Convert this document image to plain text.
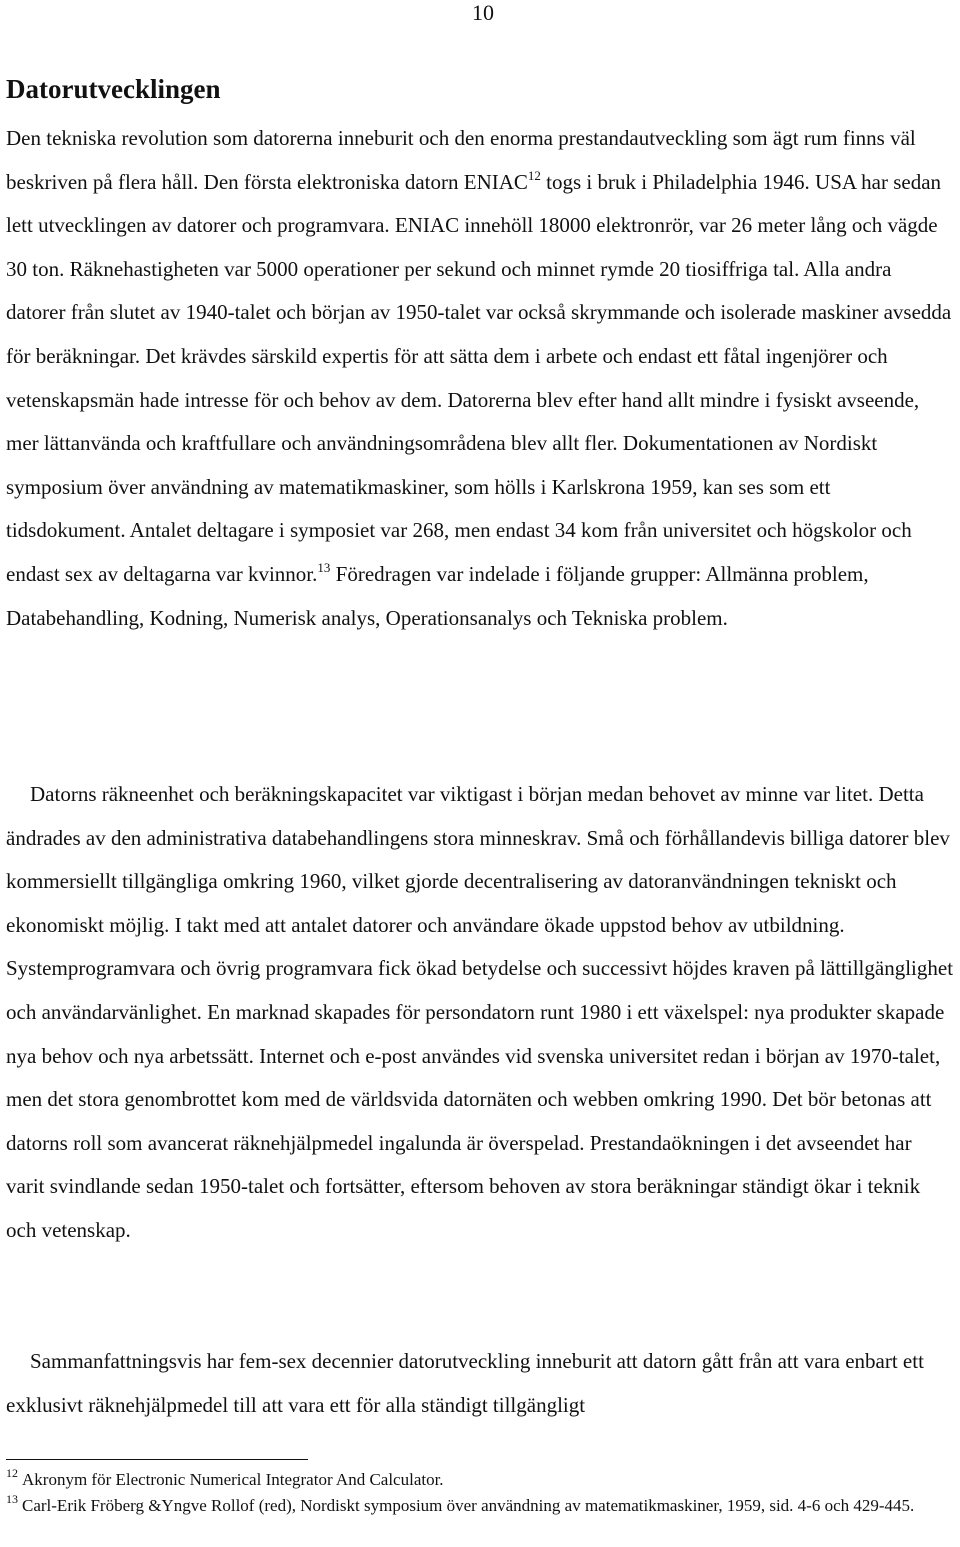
10
Datorutvecklingen

Den tekniska revolution som datorerna inneburit och den enorma prestandautveckling som ägt rum finns väl beskriven på flera håll. Den första elektroniska datorn ENIAC$^{12}$ togs i bruk i Philadelphia 1946. USA har sedan lett utvecklingen av datorer och programvara. ENIAC innehöll 18000 elektronrör, var 26 meter lång och vägde 30 ton. Räknehastigheten var 5000 operationer per sekund och minnet rymde 20 tiosiffriga tal. Alla andra datorer från slutet av 1940-talet och början av 1950-talet var också skrymmande och isolerade maskiner avsedda för beräkningar. Det krävdes särskild expertis för att sätta dem i arbete och endast ett fåtal ingenjörer och vetenskapsmän hade intresse för och behov av dem. Datorerna blev efter hand allt mindre i fysiskt avseende, mer lättanvända och kraftfullare och användningsområdena blev allt fler. Dokumentationen av Nordiskt symposium över användning av matematikmaskiner, som hölls i Karlskrona 1959, kan ses som ett tidsdokument. Antalet deltagare i symposiet var 268, men endast 34 kom från universitet och högskolor och endast sex av deltagarna var kvinnor.$^{13}$ Föredragen var indelade i följande grupper: Allmänna problem, Databehandling, Kodning, Numerisk analys, Operationsanalys och Tekniska problem.

Datorns räkneenhet och beräkningskapacitet var viktigast i början medan behovet av minne var litet. Detta ändrades av den administrativa databehandlingens stora minneskrav. Små och förhållandevis billiga datorer blev kommersiellt tillgängliga omkring 1960, vilket gjorde decentralisering av datoranvändningen tekniskt och ekonomiskt möjlig. I takt med att antalet datorer och användare ökade uppstod behov av utbildning. Systemprogramvara och övrig programvara fick ökad betydelse och successivt höjdes kraven på lättillgänglighet och användarvänlighet. En marknad skapades för persondatorn runt 1980 i ett växelspel: nya produkter skapade nya behov och nya arbetssätt. Internet och e-post användes vid svenska universitet redan i början av 1970-talet, men det stora genombrottet kom med de världsvida datornäten och webben omkring 1990. Det bör betonas att datorns roll som avancerat räknehjälpmedel ingalunda är överspelad. Prestandaökningen i det avseendet har varit svindlande sedan 1950-talet och fortsätter, eftersom behoven av stora beräkningar ständigt ökar i teknik och vetenskap.

Sammanfattningsvis har fem-sex decennier datorutveckling inneburit att datorn gått från att vara enbart ett exklusivt räknehjälpmedel till att vara ett för alla ständigt tillgängligt

$^{12}$ Akronym för Electronic Numerical Integrator And Calculator.

$^{13}$ Carl-Erik Fröberg &Yngve Rollof (red), Nordiskt symposium över användning av matematikmaskiner, 1959, sid. 4-6 och 429-445.
